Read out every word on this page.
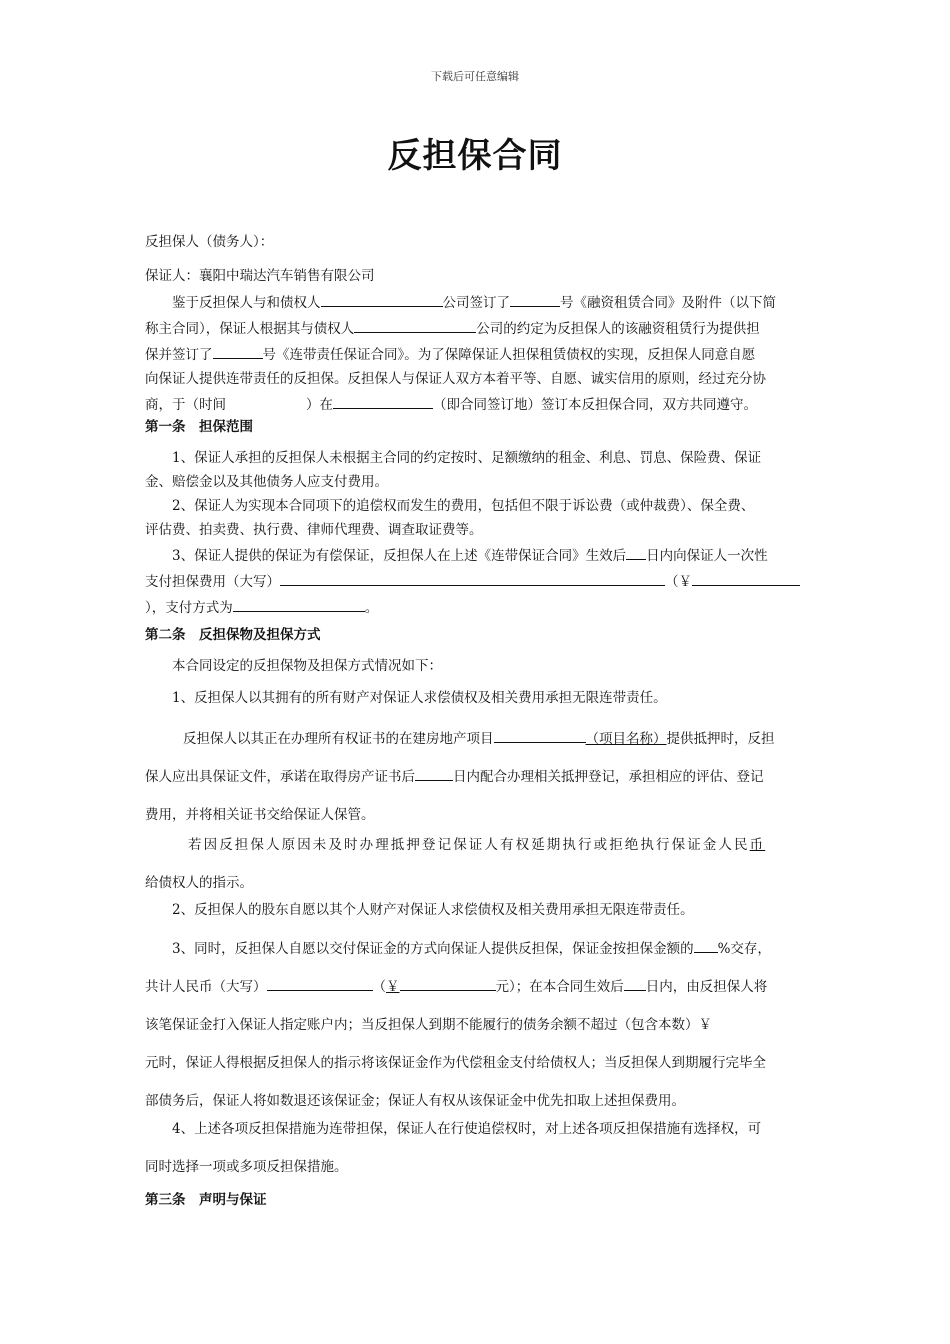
下载后可任意编辑
反担保合同
反担保人（债务人）：
保证人：襄阳中瑞达汽车销售有限公司
鉴于反担保人与和债权人	公司签订了	号《融资租赁合同》及附件（以下简
称主合同），保证人根据其与债权人	公司的约定为反担保人的该融资租赁行为提供担
保并签订了	号《连带责任保证合同》。为了保障保证人担保租赁债权的实现，反担保人同意自愿
向保证人提供连带责任的反担保。反担保人与保证人双方本着平等、自愿、诚实信用的原则，经过充分协
商，于（时间	）在	（即合同签订地）签订本反担保合同，双方共同遵守。
第一条　担保范围
1、保证人承担的反担保人未根据主合同的约定按时、足额缴纳的租金、利息、罚息、保险费、保证
金、赔偿金以及其他债务人应支付费用。
2、保证人为实现本合同项下的追偿权而发生的费用，包括但不限于诉讼费（或仲裁费）、保全费、
评估费、拍卖费、执行费、律师代理费、调查取证费等。
3、保证人提供的保证为有偿保证，反担保人在上述《连带保证合同》生效后 日内向保证人一次性
支付担保费用（大写）	（￥
），支付方式为	。
第二条　反担保物及担保方式
本合同设定的反担保物及担保方式情况如下：
1、反担保人以其拥有的所有财产对保证人求偿债权及相关费用承担无限连带责任。
反担保人以其正在办理所有权证书的在建房地产项目	（项目名称）提供抵押时，反担
保人应出具保证文件，承诺在取得房产证书后	日内配合办理相关抵押登记，承担相应的评估、登记
费用，并将相关证书交给保证人保管。
若因反担保人原因未及时办理抵押登记保证人有权延期执行或拒绝执行保证金人民币
给债权人的指示。
2、反担保人的股东自愿以其个人财产对保证人求偿债权及相关费用承担无限连带责任。
3、同时，反担保人自愿以交付保证金的方式向保证人提供反担保，保证金按担保金额的 %交存，
共计人民币（大写）	（￥	元）；在本合同生效后 日内，由反担保人将
该笔保证金打入保证人指定账户内；当反担保人到期不能履行的债务余额不超过（包含本数）￥
元时，保证人得根据反担保人的指示将该保证金作为代偿租金支付给债权人；当反担保人到期履行完毕全
部债务后，保证人将如数退还该保证金；保证人有权从该保证金中优先扣取上述担保费用。
4、上述各项反担保措施为连带担保，保证人在行使追偿权时，对上述各项反担保措施有选择权，可
同时选择一项或多项反担保措施。
第三条　声明与保证
